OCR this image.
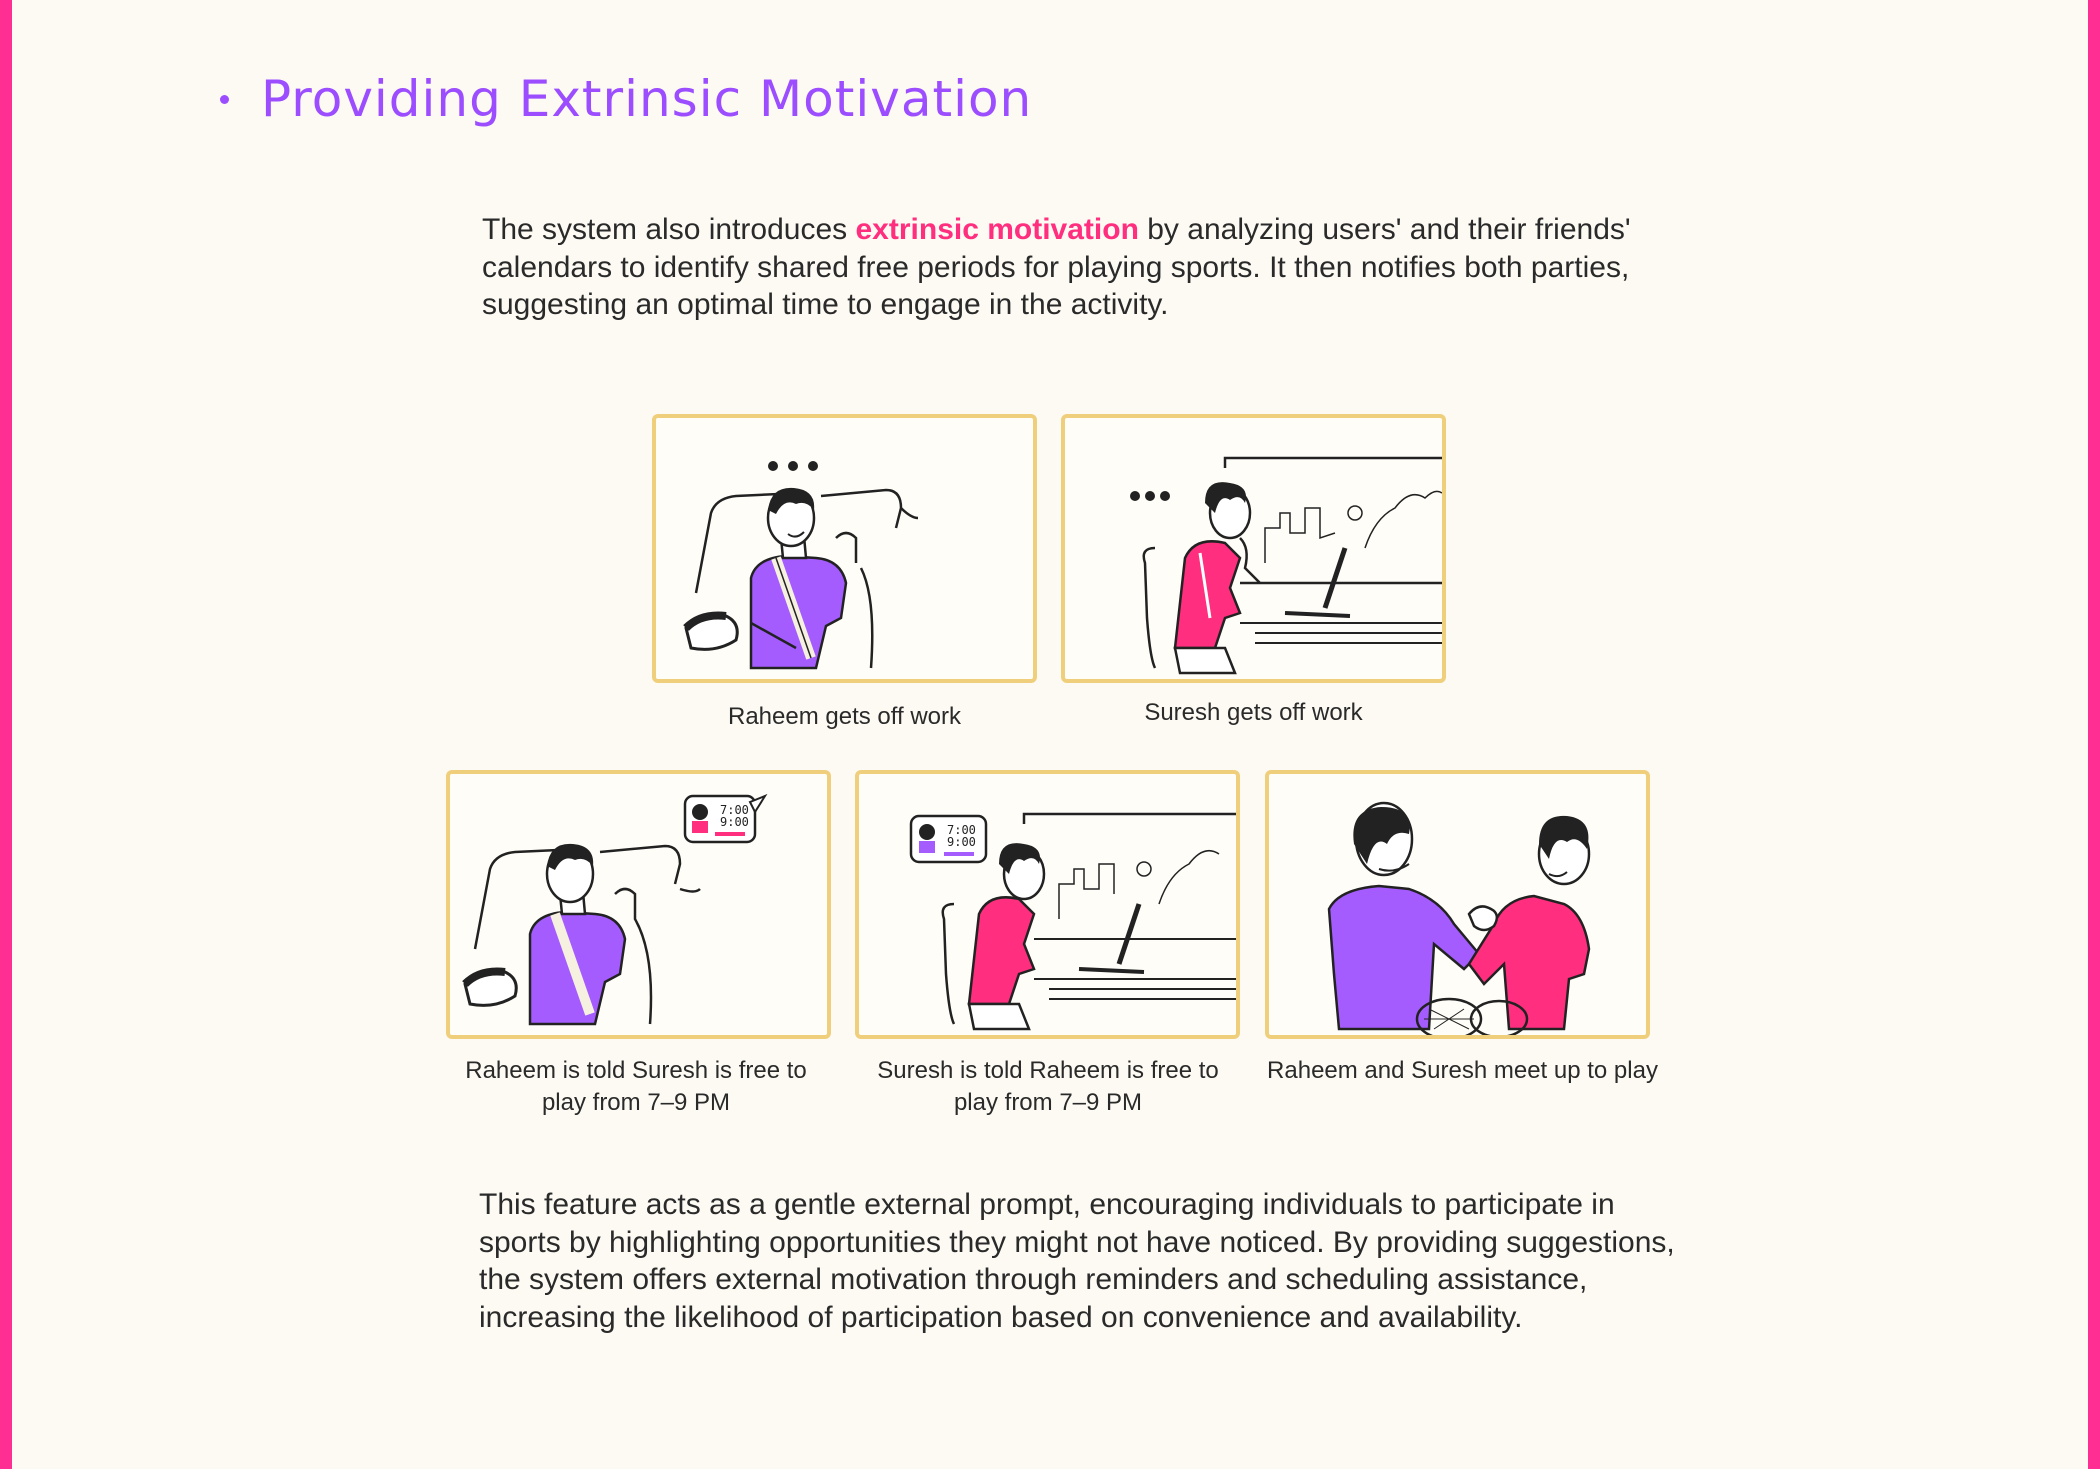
Providing Extrinsic Motivation

The system also introduces extrinsic motivation by analyzing users' and their friends' calendars to identify shared free periods for playing sports. It then notifies both parties, suggesting an optimal time to engage in the activity.

Raheem gets off work	Suresh gets off work
7:00
9:00
Raheem is told Suresh is free to play from 7–9 PM
7:00
9:00
Suresh is told Raheem is free to play from 7–9 PM
Raheem and Suresh meet up to play

This feature acts as a gentle external prompt, encouraging individuals to participate in sports by highlighting opportunities they might not have noticed. By providing suggestions, the system offers external motivation through reminders and scheduling assistance, increasing the likelihood of participation based on convenience and availability.
